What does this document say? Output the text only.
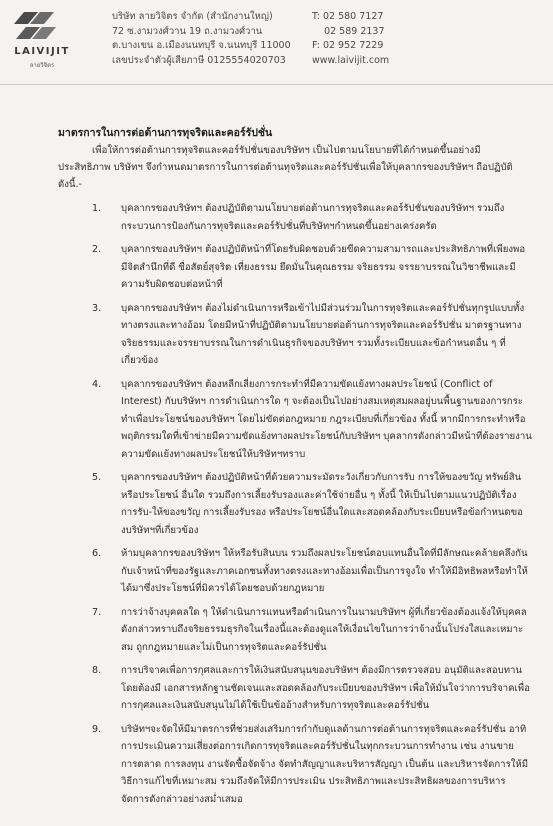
LAIVIJIT
ลายวิจิตร
บริษัท ลายวิจิตร จำกัด (สำนักงานใหญ่)
72 ซ.งามวงศ์วาน 19 ถ.งามวงศ์วาน
ต.บางเขน อ.เมืองนนทบุรี จ.นนทบุรี 11000
เลขประจำตัวผู้เสียภาษี 0125554020703
T: 02 580 7127
02 589 2137
F: 02 952 7229
www.laivijit.com
มาตรการในการต่อต้านการทุจริตและคอร์รัปชั่น
เพื่อให้การต่อต้านการทุจริตและคอร์รัปชั่นของบริษัทฯ เป็นไปตามนโยบายที่ได้กำหนดขึ้นอย่างมีประสิทธิภาพ บริษัทฯ จึงกำหนดมาตรการในการต่อต้านทุจริตและคอร์รัปชั่นเพื่อให้บุคลากรของบริษัทฯ ถือปฏิบัติ ดังนี้.-
1. บุคลากรของบริษัทฯ ต้องปฏิบัติตามนโยบายต่อต้านการทุจริตและคอร์รัปชั่นของบริษัทฯ รวมถึงกระบวนการป้องกันการทุจริตและคอร์รัปชั่นที่บริษัทฯกำหนดขึ้นอย่างเคร่งครัด
2. บุคลากรของบริษัทฯ ต้องปฏิบัติหน้าที่โดยรับผิดชอบด้วยขีดความสามารถและประสิทธิภาพที่เพียงพอ มีจิตสำนึกที่ดี ซื่อสัตย์สุจริต เที่ยงธรรม ยึดมั่นในคุณธรรม จริยธรรม จรรยาบรรณในวิชาชีพและมีความรับผิดชอบต่อหน้าที่
3. บุคลากรของบริษัทฯ ต้องไม่ดำเนินการหรือเข้าไปมีส่วนร่วมในการทุจริตและคอร์รัปชั่นทุกรูปแบบทั้งทางตรงและทางอ้อม โดยมีหน้าที่ปฏิบัติตามนโยบายต่อต้านการทุจริตและคอร์รัปชั่น มาตรฐานทางจริยธรรมและจรรยาบรรณในการดำเนินธุรกิจของบริษัทฯ รวมทั้งระเบียบและข้อกำหนดอื่น ๆ ที่เกี่ยวข้อง
4. บุคลากรของบริษัทฯ ต้องหลีกเลี่ยงการกระทำที่มีความขัดแย้งทางผลประโยชน์ (Conflict of Interest) กับบริษัทฯ การดำเนินการใด ๆ จะต้องเป็นไปอย่างสมเหตุสมผลอยู่บนพื้นฐานของการกระทำเพื่อประโยชน์ของบริษัทฯ โดยไม่ขัดต่อกฎหมาย กฎระเบียบที่เกี่ยวข้อง ทั้งนี้ หากมีการกระทำหรือพฤติกรรมใดที่เข้าข่ายมีความขัดแย้งทางผลประโยชน์กับบริษัทฯ บุคลากรดังกล่าวมีหน้าที่ต้องรายงานความขัดแย้งทางผลประโยชน์ให้บริษัทฯทราบ
5. บุคลากรของบริษัทฯ ต้องปฏิบัติหน้าที่ด้วยความระมัดระวังเกี่ยวกับการรับ การให้ของขวัญ ทรัพย์สินหรือประโยชน์ อื่นใด รวมถึงการเลี้ยงรับรองและค่าใช้จ่ายอื่น ๆ ทั้งนี้ ให้เป็นไปตามแนวปฏิบัติเรื่องการรับ-ให้ของขวัญ การเลี้ยงรับรอง หรือประโยชน์อื่นใดและสอดคล้องกับระเบียบหรือข้อกำหนดของบริษัทฯที่เกี่ยวข้อง
6. ห้ามบุคลากรของบริษัทฯ ให้หรือรับสินบน รวมถึงผลประโยชน์ตอบแทนอื่นใดที่มีลักษณะคล้ายคลึงกันกับเจ้าหน้าที่ของรัฐและภาคเอกชนทั้งทางตรงและทางอ้อมเพื่อเป็นการจูงใจ ทำให้มีอิทธิพลหรือทำให้ได้มาซึ่งประโยชน์ที่มิควรได้โดยชอบด้วยกฎหมาย
7. การว่าจ้างบุคคลใด ๆ ให้ดำเนินการแทนหรือดำเนินการในนามบริษัทฯ ผู้ที่เกี่ยวข้องต้องแจ้งให้บุคคลดังกล่าวทราบถึงจริยธรรมธุรกิจในเรื่องนี้และต้องดูแลให้เงื่อนไขในการว่าจ้างนั้นโปร่งใสและเหมาะสม ถูกกฎหมายและไม่เป็นการทุจริตและคอร์รัปชั่น
8. การบริจาคเพื่อการกุศลและการให้เงินสนับสนุนของบริษัทฯ ต้องมีการตรวจสอบ อนุมัติและสอบทาน โดยต้องมี เอกสารหลักฐานชัดเจนและสอดคล้องกับระเบียบของบริษัทฯ เพื่อให้มั่นใจว่าการบริจาคเพื่อการกุศลและเงินสนับสนุนไม่ได้ใช้เป็นข้ออ้างสำหรับการทุจริตและคอร์รัปชั่น
9. บริษัทฯจะจัดให้มีมาตรการที่ช่วยส่งเสริมการกำกับดูแลด้านการต่อต้านการทุจริตและคอร์รัปชั่น อาทิ การประเมินความเสี่ยงต่อการเกิดการทุจริตและคอร์รัปชั่นในทุกกระบวนการทำงาน เช่น งานขาย การตลาด การลงทุน งานจัดซื้อจัดจ้าง จัดทำสัญญาและบริหารสัญญา เป็นต้น และบริหารจัดการให้มีวิธีการแก้ไขที่เหมาะสม รวมถึงจัดให้มีการประเมิน ประสิทธิภาพและประสิทธิผลของการบริหารจัดการดังกล่าวอย่างสม่ำเสมอ
